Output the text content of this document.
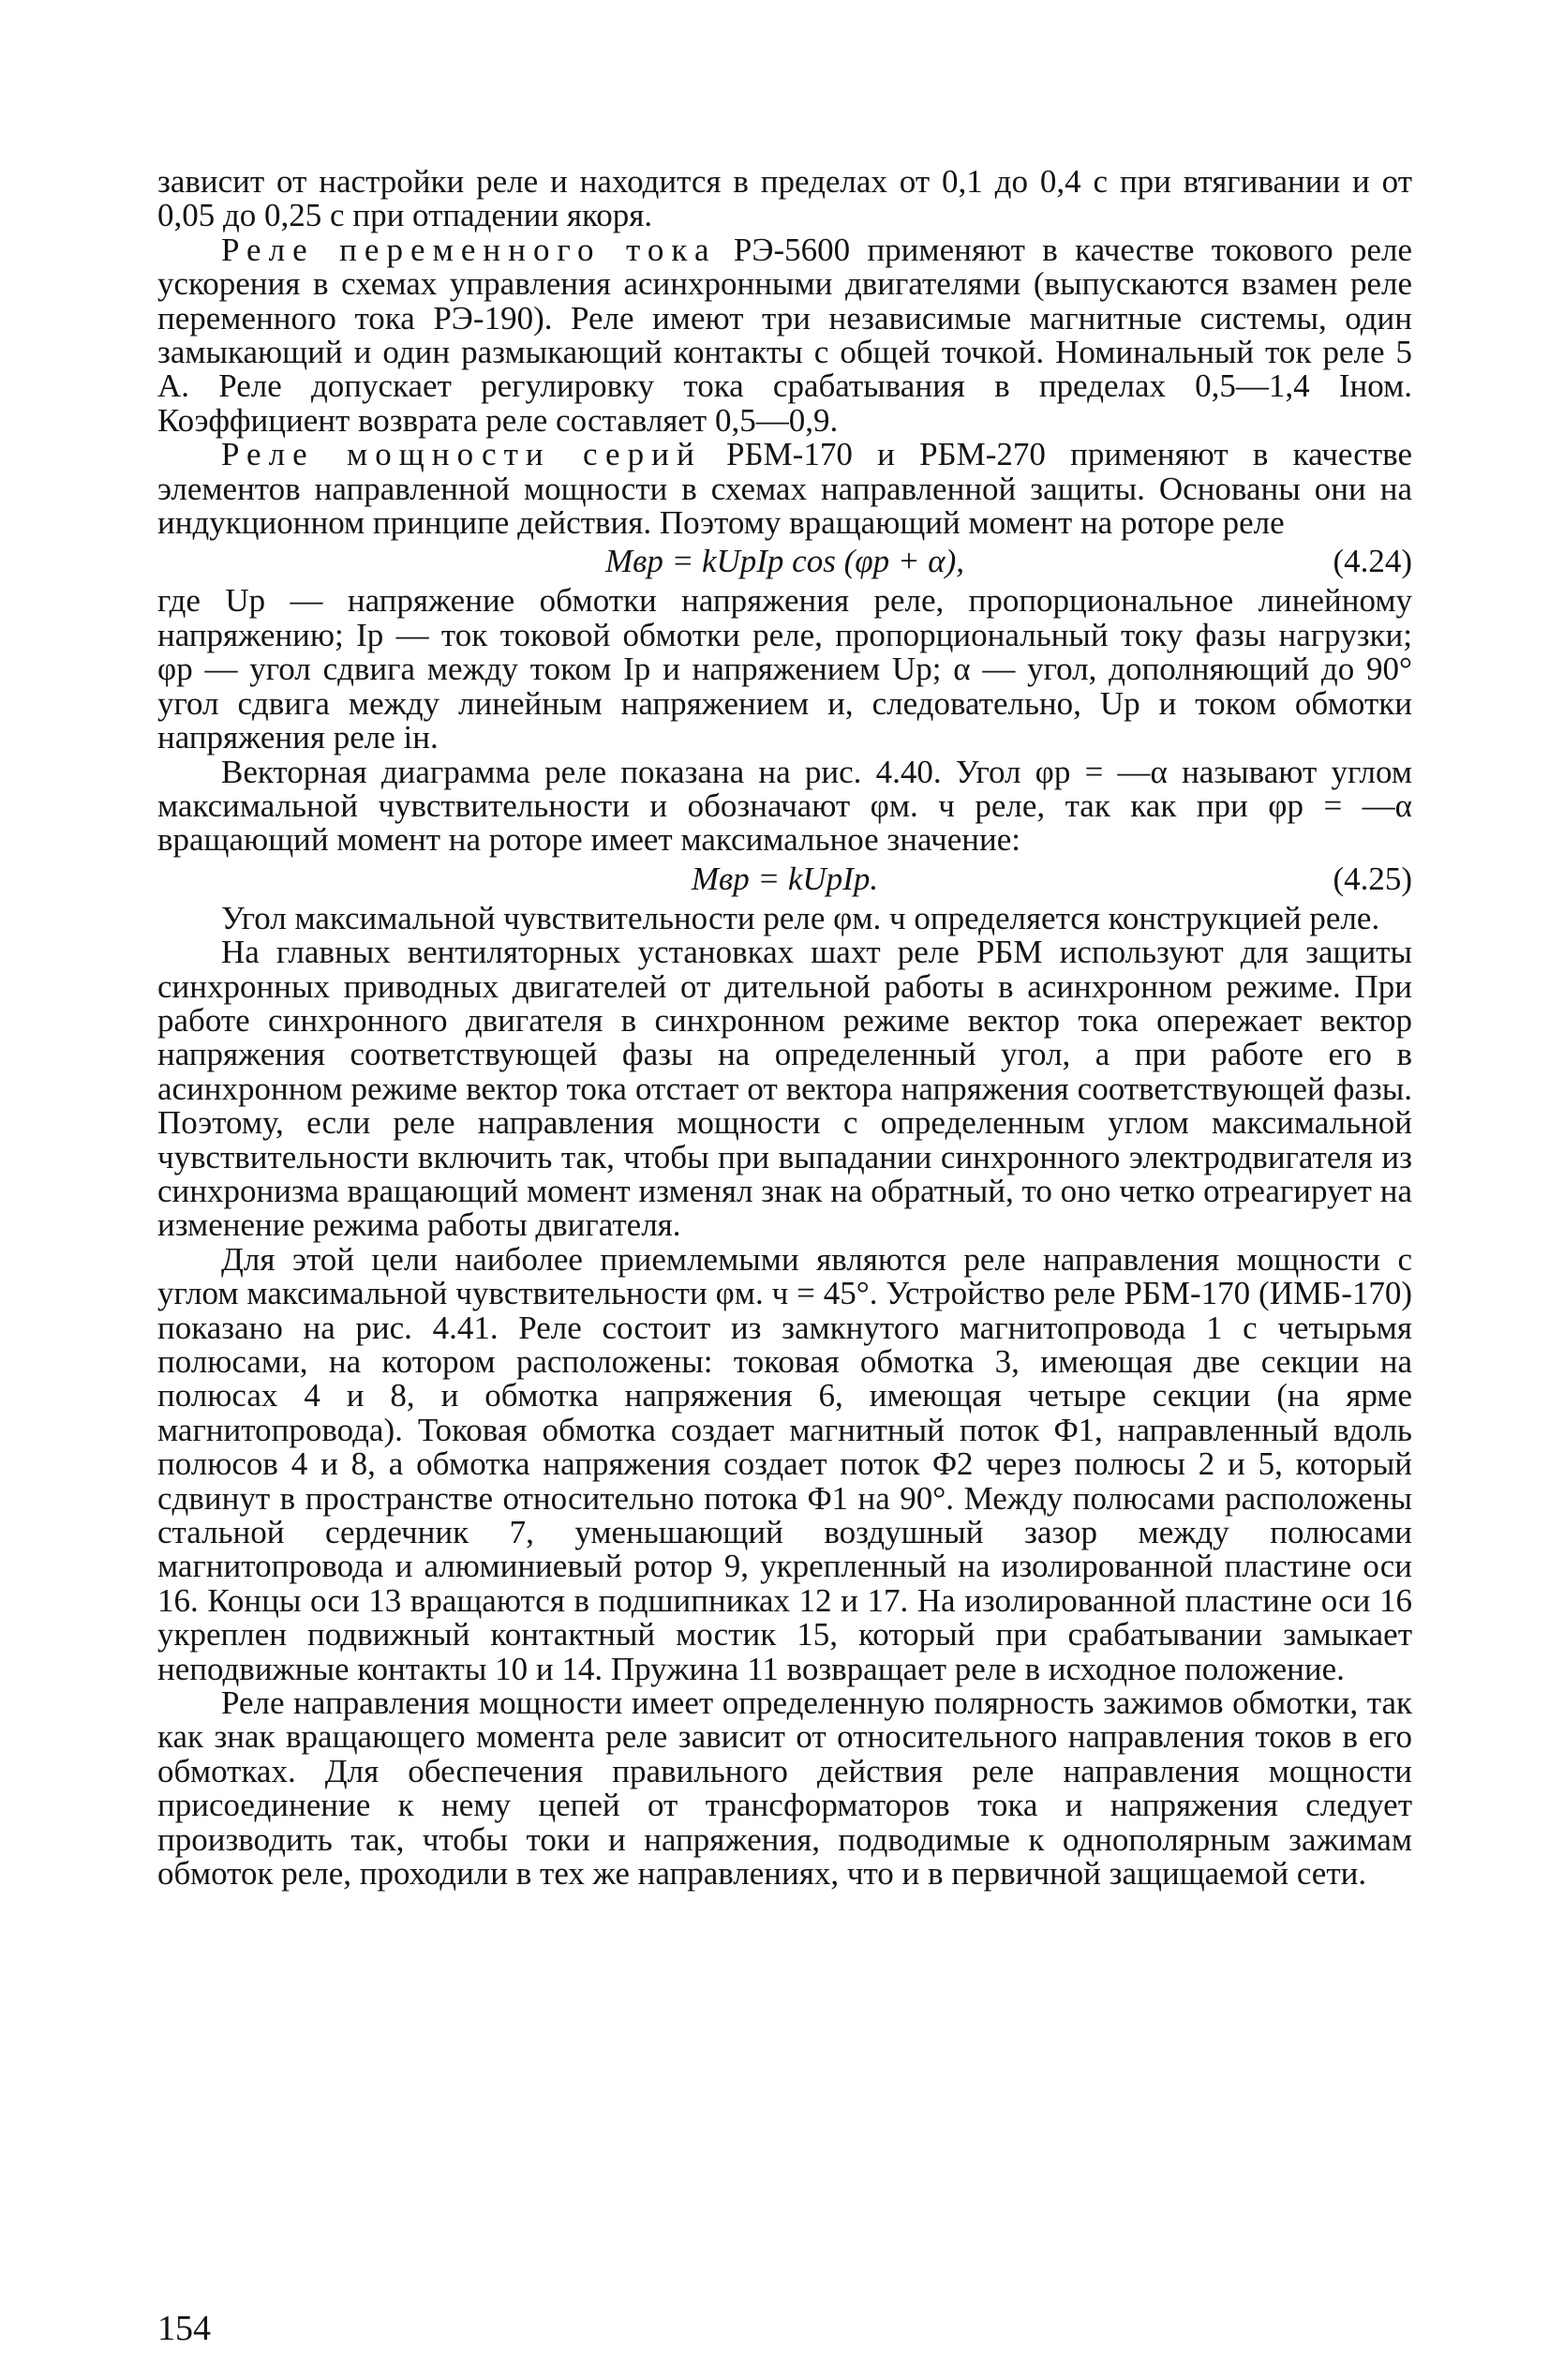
зависит от настройки реле и находится в пределах от 0,1 до 0,4 с при втягивании и от 0,05 до 0,25 с при отпадении якоря.

Реле переменного тока РЭ-5600 применяют в качестве токового реле ускорения в схемах управления асинхронными двигателями (выпускаются взамен реле переменного тока РЭ-190). Реле имеют три независимые магнитные системы, один замыкающий и один размыкающий контакты с общей точкой. Номинальный ток реле 5 А. Реле допускает регулировку тока срабатывания в пределах 0,5—1,4 Iном. Коэффициент возврата реле составляет 0,5—0,9.

Реле мощности серий РБМ-170 и РБМ-270 применяют в качестве элементов направленной мощности в схемах направленной защиты. Основаны они на индукционном принципе действия. Поэтому вращающий момент на роторе реле

Mвр = kUрIр cos (φр + α),	(4.24)

где Uр — напряжение обмотки напряжения реле, пропорциональное линейному напряжению; Iр — ток токовой обмотки реле, пропорциональный току фазы нагрузки; φр — угол сдвига между током Iр и напряжением Uр; α — угол, дополняющий до 90° угол сдвига между линейным напряжением и, следовательно, Uр и током обмотки напряжения реле iн.

Векторная диаграмма реле показана на рис. 4.40. Угол φр = —α называют углом максимальной чувствительности и обозначают φм. ч реле, так как при φр = —α вращающий момент на роторе имеет максимальное значение:

Mвр = kUрIр.	(4.25)

Угол максимальной чувствительности реле φм. ч определяется конструкцией реле.

На главных вентиляторных установках шахт реле РБМ используют для защиты синхронных приводных двигателей от дительной работы в асинхронном режиме. При работе синхронного двигателя в синхронном режиме вектор тока опережает вектор напряжения соответствующей фазы на определенный угол, а при работе его в асинхронном режиме вектор тока отстает от вектора напряжения соответствующей фазы. Поэтому, если реле направления мощности с определенным углом максимальной чувствительности включить так, чтобы при выпадании синхронного электродвигателя из синхронизма вращающий момент изменял знак на обратный, то оно четко отреагирует на изменение режима работы двигателя.

Для этой цели наиболее приемлемыми являются реле направления мощности с углом максимальной чувствительности φм. ч = 45°. Устройство реле РБМ-170 (ИМБ-170) показано на рис. 4.41. Реле состоит из замкнутого магнитопровода 1 с четырьмя полюсами, на котором расположены: токовая обмотка 3, имеющая две секции на полюсах 4 и 8, и обмотка напряжения 6, имеющая четыре секции (на ярме магнитопровода). Токовая обмотка создает магнитный поток Φ1, направленный вдоль полюсов 4 и 8, а обмотка напряжения создает поток Φ2 через полюсы 2 и 5, который сдвинут в пространстве относительно потока Φ1 на 90°. Между полюсами расположены стальной сердечник 7, уменьшающий воздушный зазор между полюсами магнитопровода и алюминиевый ротор 9, укрепленный на изолированной пластине оси 16. Концы оси 13 вращаются в подшипниках 12 и 17. На изолированной пластине оси 16 укреплен подвижный контактный мостик 15, который при срабатывании замыкает неподвижные контакты 10 и 14. Пружина 11 возвращает реле в исходное положение.

Реле направления мощности имеет определенную полярность зажимов обмотки, так как знак вращающего момента реле зависит от относительного направления токов в его обмотках. Для обеспечения правильного действия реле направления мощности присоединение к нему цепей от трансформаторов тока и напряжения следует производить так, чтобы токи и напряжения, подводимые к однополярным зажимам обмоток реле, проходили в тех же направлениях, что и в первичной защищаемой сети.

154
